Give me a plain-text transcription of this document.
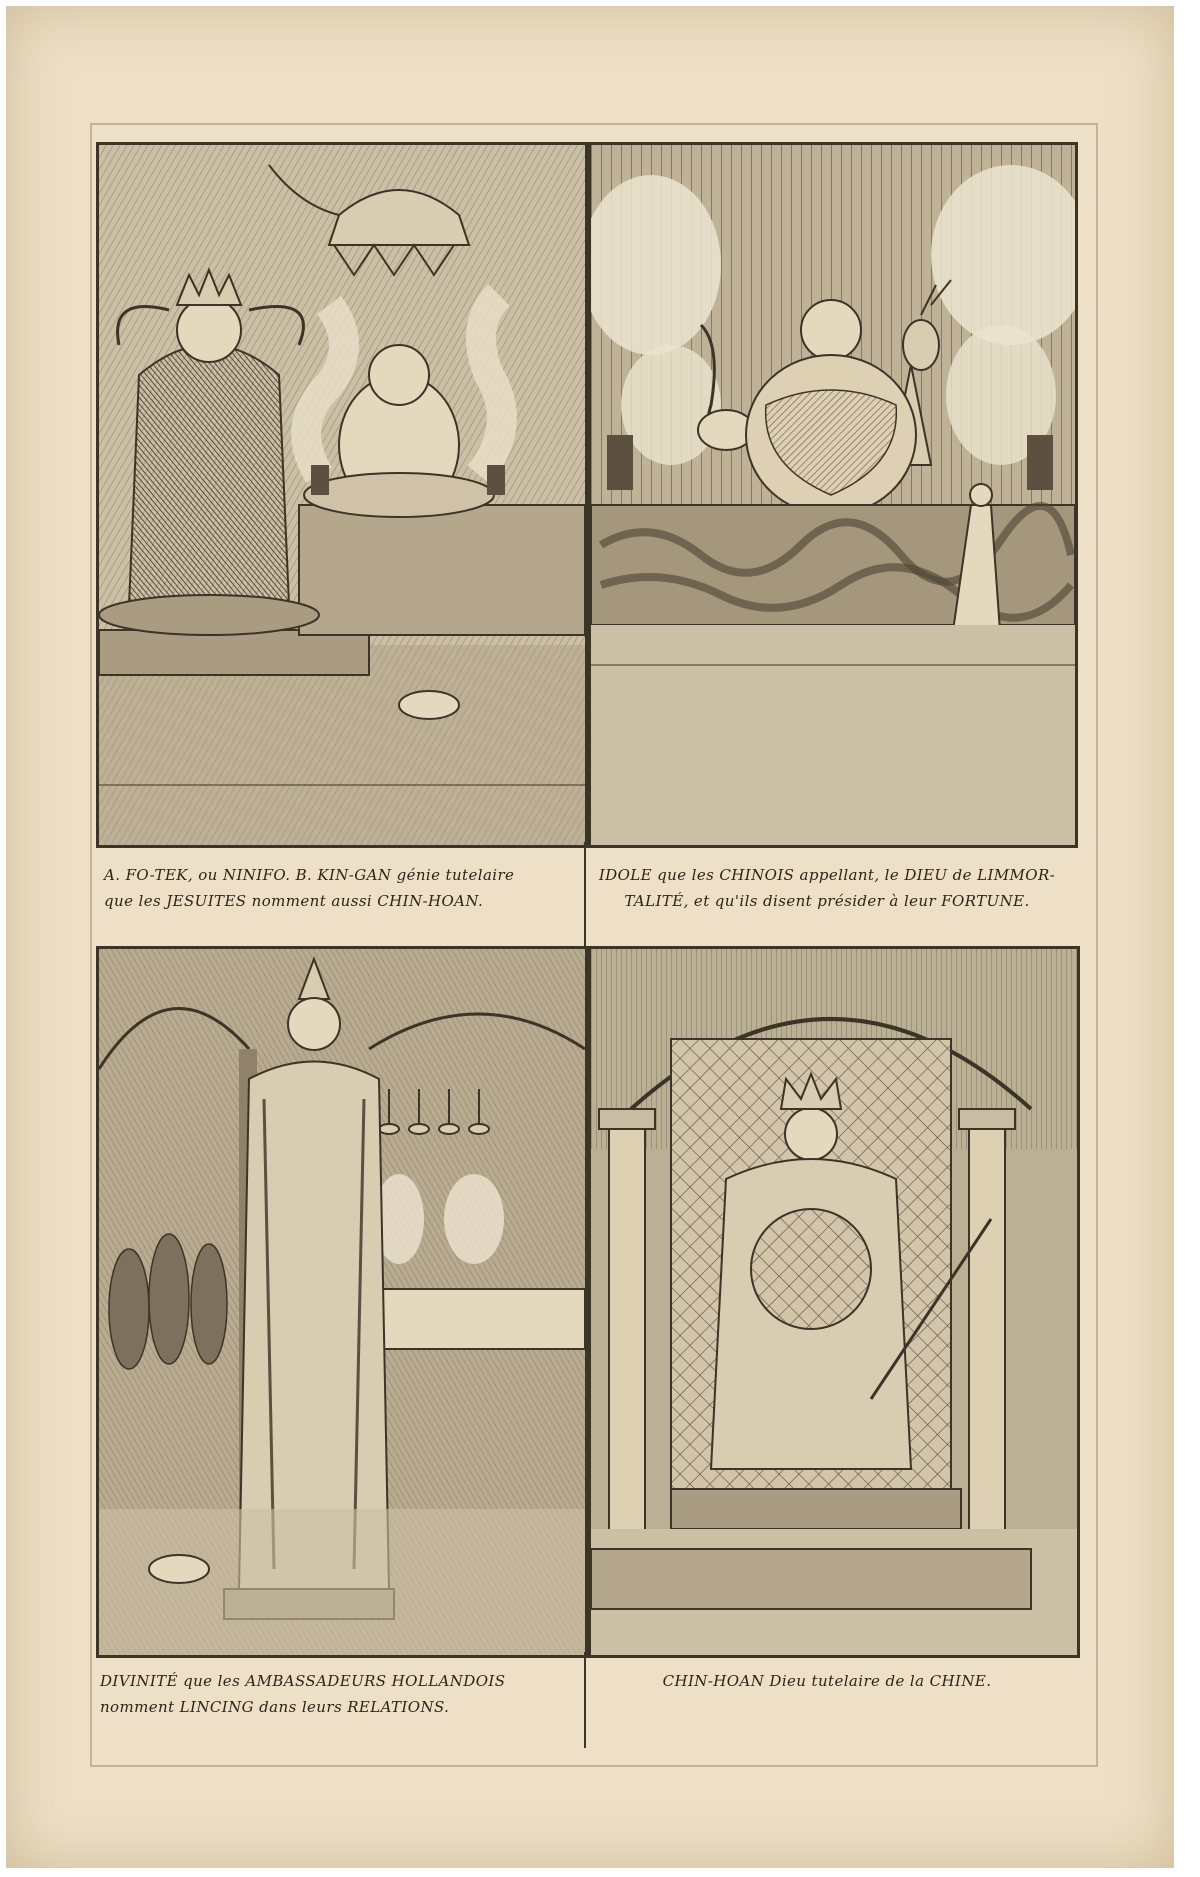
A. FO-TEK, ou NINIFO. B. KIN-GAN génie tutelaire
que les JESUITES nomment aussi CHIN-HOAN.
IDOLE que les CHINOIS appellant, le DIEU de LIMMOR-
TALITÉ, et qu'ils disent présider à leur FORTUNE.
DIVINITÉ que les AMBASSADEURS HOLLANDOIS
nomment LINCING dans leurs RELATIONS.
CHIN-HOAN Dieu tutelaire de la CHINE.
